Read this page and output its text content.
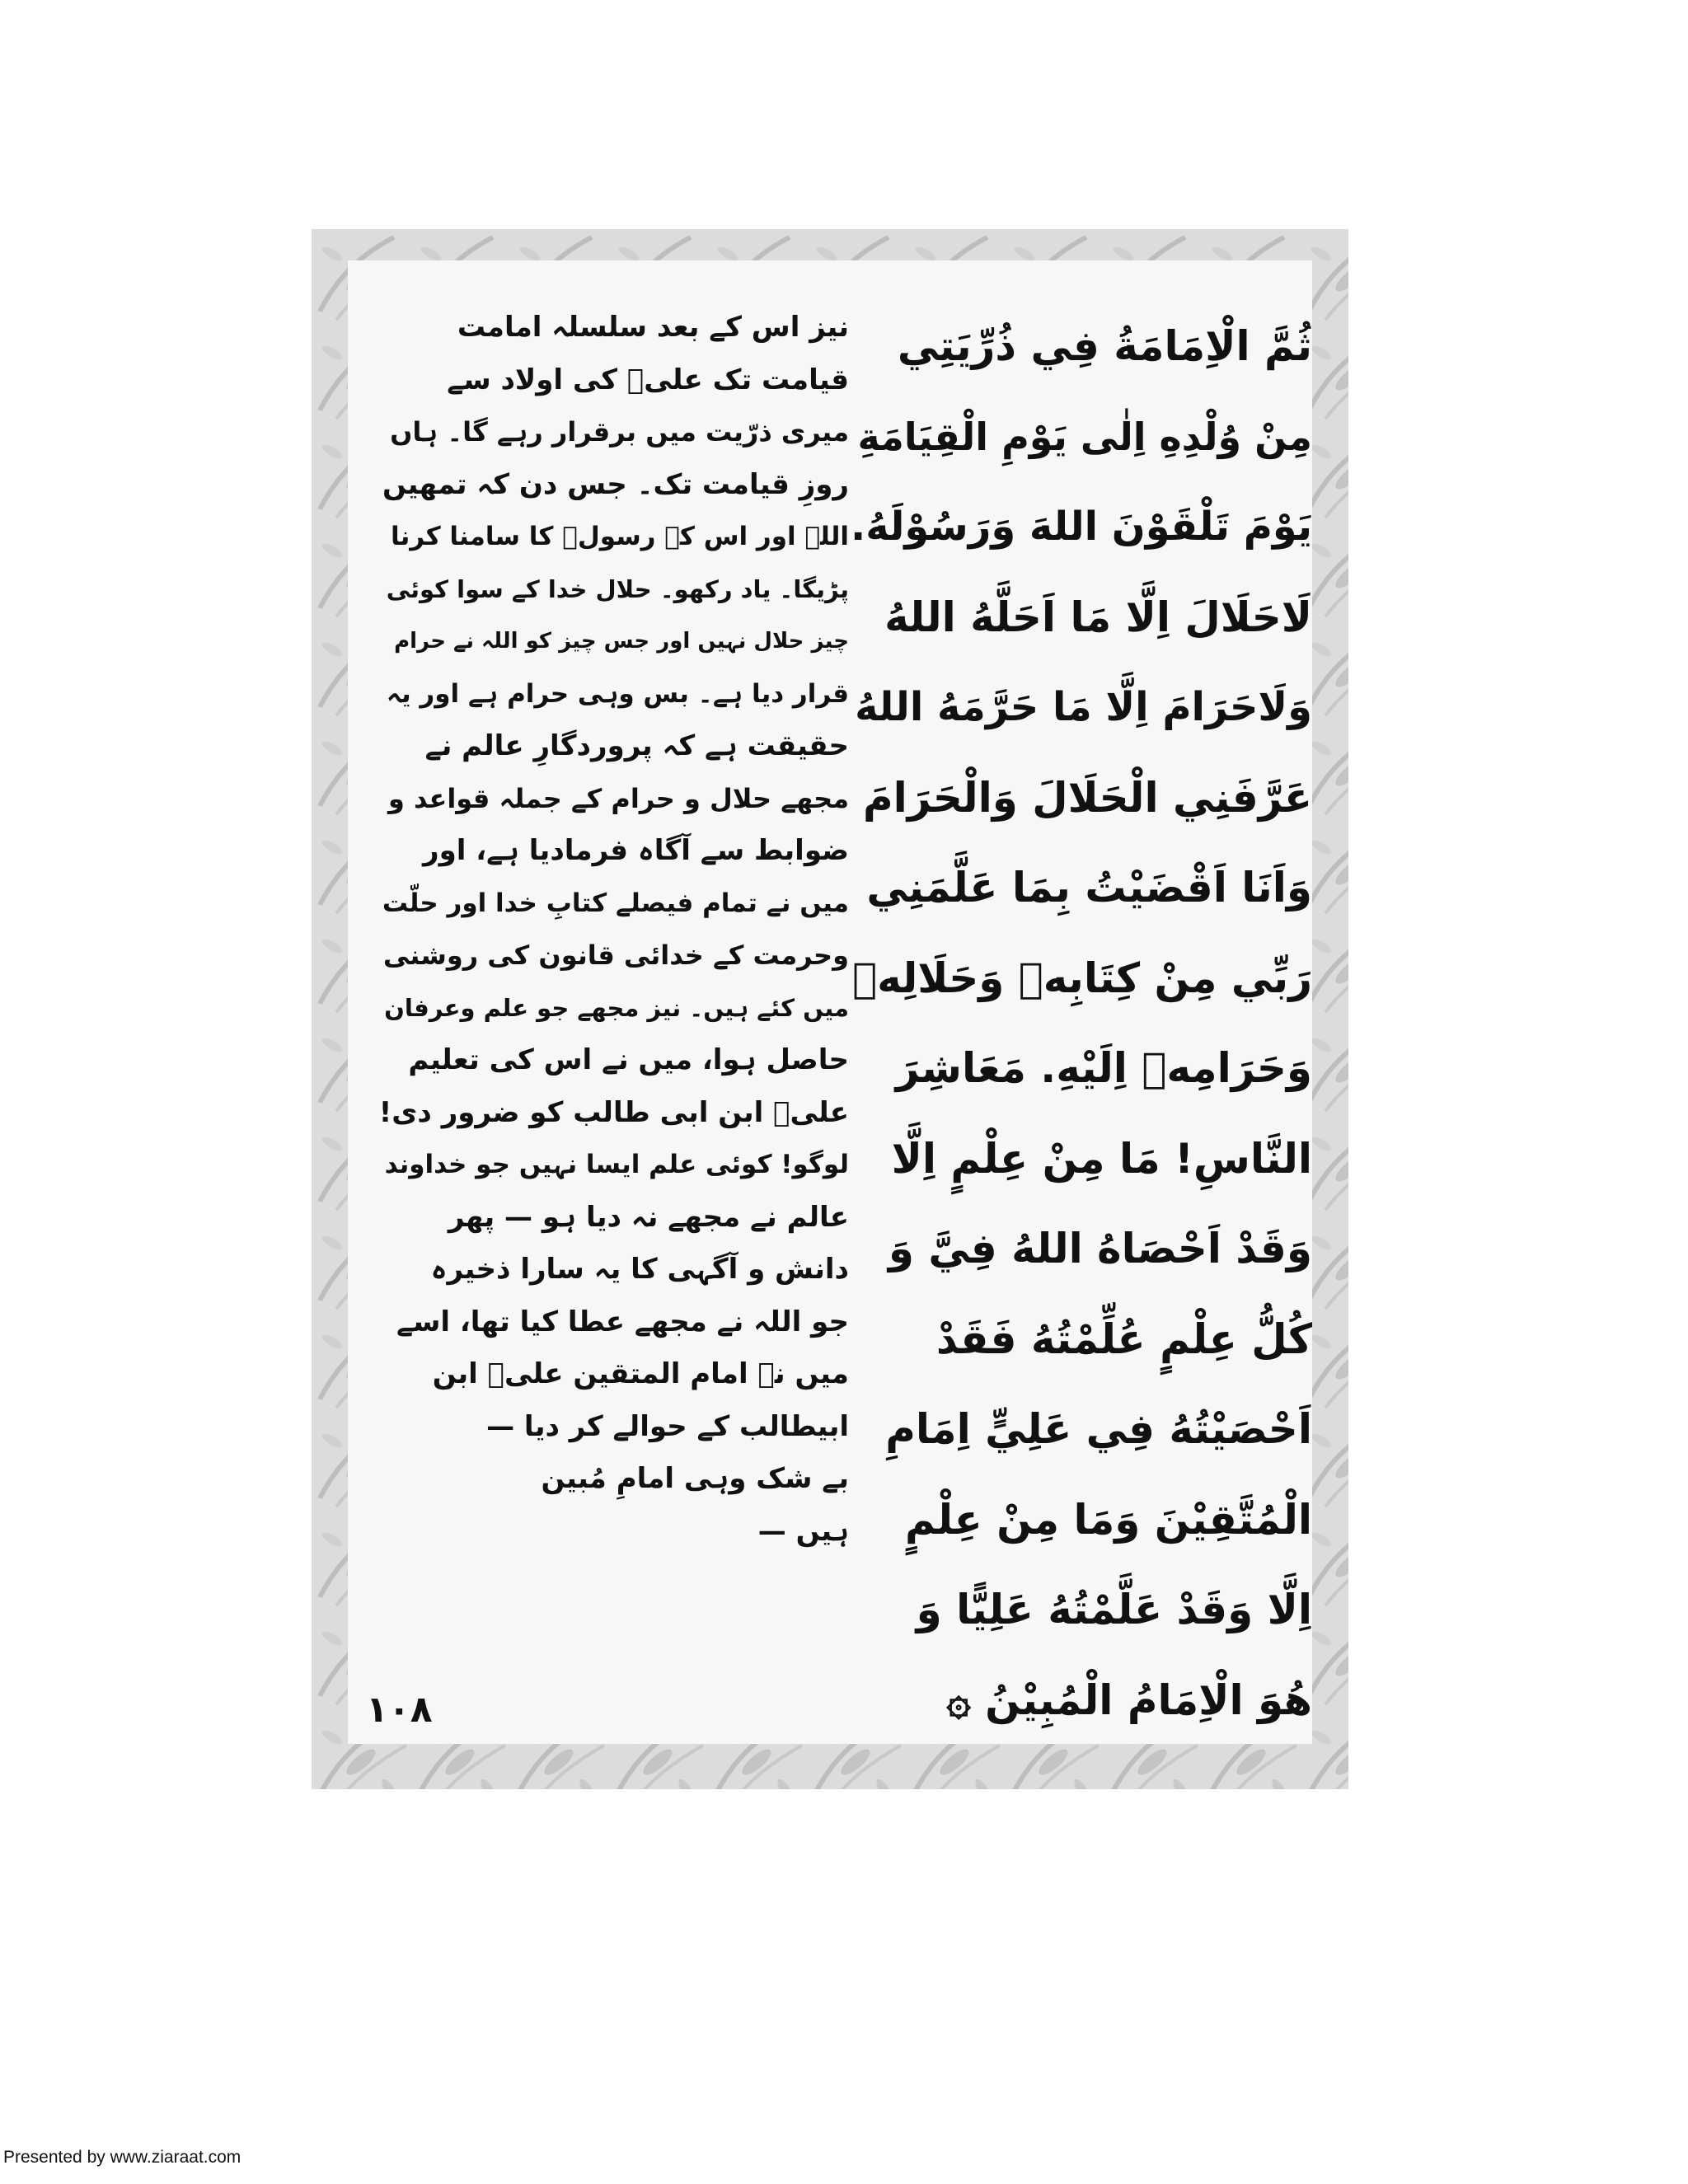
ثُمَّ الْاِمَامَةُ فِي ذُرِّيَتِي
مِنْ وُلْدِهِ اِلٰى يَوْمِ الْقِيَامَةِ
يَوْمَ تَلْقَوْنَ اللهَ وَرَسُوْلَهُ.
لَاحَلَالَ اِلَّا مَا اَحَلَّهُ اللهُ
وَلَاحَرَامَ اِلَّا مَا حَرَّمَهُ اللهُ
عَرَّفَنِي الْحَلَالَ وَالْحَرَامَ
وَاَنَا اَقْضَيْتُ بِمَا عَلَّمَنِي
رَبِّي مِنْ كِتَابِهٖ وَحَلَالِهٖ
وَحَرَامِهٖ اِلَيْهِ. مَعَاشِرَ
النَّاسِ! مَا مِنْ عِلْمٍ اِلَّا
وَقَدْ اَحْصَاهُ اللهُ فِيَّ وَ
كُلُّ عِلْمٍ عُلِّمْتُهُ فَقَدْ
اَحْصَيْتُهُ فِي عَلِيٍّ اِمَامِ
الْمُتَّقِيْنَ وَمَا مِنْ عِلْمٍ
اِلَّا وَقَدْ عَلَّمْتُهُ عَلِيًّا وَ
هُوَ الْاِمَامُ الْمُبِيْنُ ۞
نیز اس کے بعد سلسلہ امامت
قیامت تک علیؑ کی اولاد سے
میری ذرّیت میں برقرار رہے گا۔ ہاں
روزِ قیامت تک۔ جس دن کہ تمھیں
اللہ اور اس کے رسولؐ کا سامنا کرنا
پڑیگا۔ یاد رکھو۔ حلال خدا کے سوا کوئی
چیز حلال نہیں اور جس چیز کو اللہ نے حرام
قرار دیا ہے۔ بس وہی حرام ہے اور یہ
حقیقت ہے کہ پروردگارِ عالم نے
مجھے حلال و حرام کے جملہ قواعد و
ضوابط سے آگاہ فرمادیا ہے، اور
میں نے تمام فیصلے کتابِ خدا اور حلّت
وحرمت کے خدائی قانون کی روشنی
میں کئے ہیں۔ نیز مجھے جو علم وعرفان
حاصل ہوا، میں نے اس کی تعلیم
علیؑ ابن ابی طالب کو ضرور دی!
لوگو! کوئی علم ایسا نہیں جو خداوند
عالم نے مجھے نہ دیا ہو — پھر
دانش و آگہی کا یہ سارا ذخیرہ
جو اللہ نے مجھے عطا کیا تھا، اسے
میں نے امام المتقین علیؑ ابن
ابیطالب کے حوالے کر دیا —
بے شک وہی امامِ مُبین
ہیں —
۱۰۸
Presented by www.ziaraat.com
